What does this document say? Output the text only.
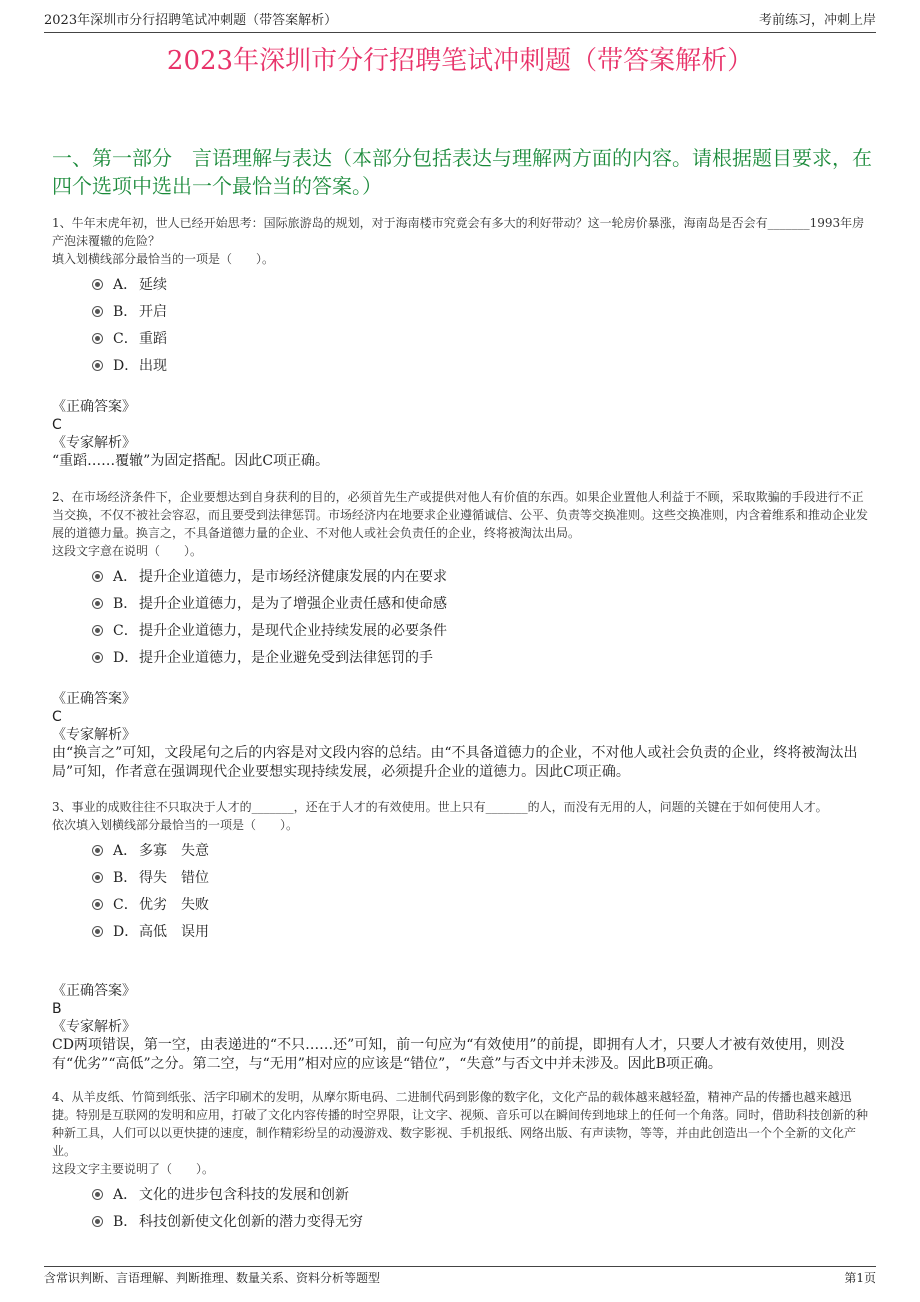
2023年深圳市分行招聘笔试冲刺题（带答案解析）	考前练习，冲刺上岸
2023年深圳市分行招聘笔试冲刺题（带答案解析）
一、第一部分　言语理解与表达（本部分包括表达与理解两方面的内容。请根据题目要求，在四个选项中选出一个最恰当的答案。）
1、牛年末虎年初，世人已经开始思考：国际旅游岛的规划，对于海南楼市究竟会有多大的利好带动？这一轮房价暴涨，海南岛是否会有_______1993年房产泡沫覆辙的危险？
填入划横线部分最恰当的一项是（　　）。
A． 延续
B． 开启
C．重蹈
D．出现
《正确答案》
C
《专家解析》
“重蹈……覆辙”为固定搭配。因此C项正确。
2、在市场经济条件下，企业要想达到自身获利的目的，必须首先生产或提供对他人有价值的东西。如果企业置他人利益于不顾，采取欺骗的手段进行不正当交换，不仅不被社会容忍，而且要受到法律惩罚。市场经济内在地要求企业遵循诚信、公平、负责等交换准则。这些交换准则，内含着维系和推动企业发展的道德力量。换言之，不具备道德力量的企业、不对他人或社会负责任的企业，终将被淘汰出局。
这段文字意在说明（　　）。
A． 提升企业道德力，是市场经济健康发展的内在要求
B． 提升企业道德力，是为了增强企业责任感和使命感
C．提升企业道德力，是现代企业持续发展的必要条件
D．提升企业道德力，是企业避免受到法律惩罚的手
《正确答案》
C
《专家解析》
由“换言之”可知，文段尾句之后的内容是对文段内容的总结。由“不具备道德力的企业，不对他人或社会负责的企业，终将被淘汰出局”可知，作者意在强调现代企业要想实现持续发展，必须提升企业的道德力。因此C项正确。
3、事业的成败往往不只取决于人才的_______，还在于人才的有效使用。世上只有_______的人，而没有无用的人，问题的关键在于如何使用人才。
依次填入划横线部分最恰当的一项是（　　）。
A． 多寡　失意
B． 得失　错位
C．优劣　失败
D．高低　误用
《正确答案》
B
《专家解析》
CD两项错误，第一空，由表递进的“不只……还”可知，前一句应为“有效使用”的前提，即拥有人才，只要人才被有效使用，则没有“优劣”“高低”之分。第二空，与“无用”相对应的应该是“错位”，“失意”与否文中并未涉及。因此B项正确。
4、从羊皮纸、竹简到纸张、活字印刷术的发明，从摩尔斯电码、二进制代码到影像的数字化，文化产品的载体越来越轻盈，精神产品的传播也越来越迅捷。特别是互联网的发明和应用，打破了文化内容传播的时空界限，让文字、视频、音乐可以在瞬间传到地球上的任何一个角落。同时，借助科技创新的种种新工具，人们可以以更快捷的速度，制作精彩纷呈的动漫游戏、数字影视、手机报纸、网络出版、有声读物，等等，并由此创造出一个个全新的文化产业。
这段文字主要说明了（　　）。
A． 文化的进步包含科技的发展和创新
B． 科技创新使文化创新的潜力变得无穷
含常识判断、言语理解、判断推理、数量关系、资料分析等题型	第1页
